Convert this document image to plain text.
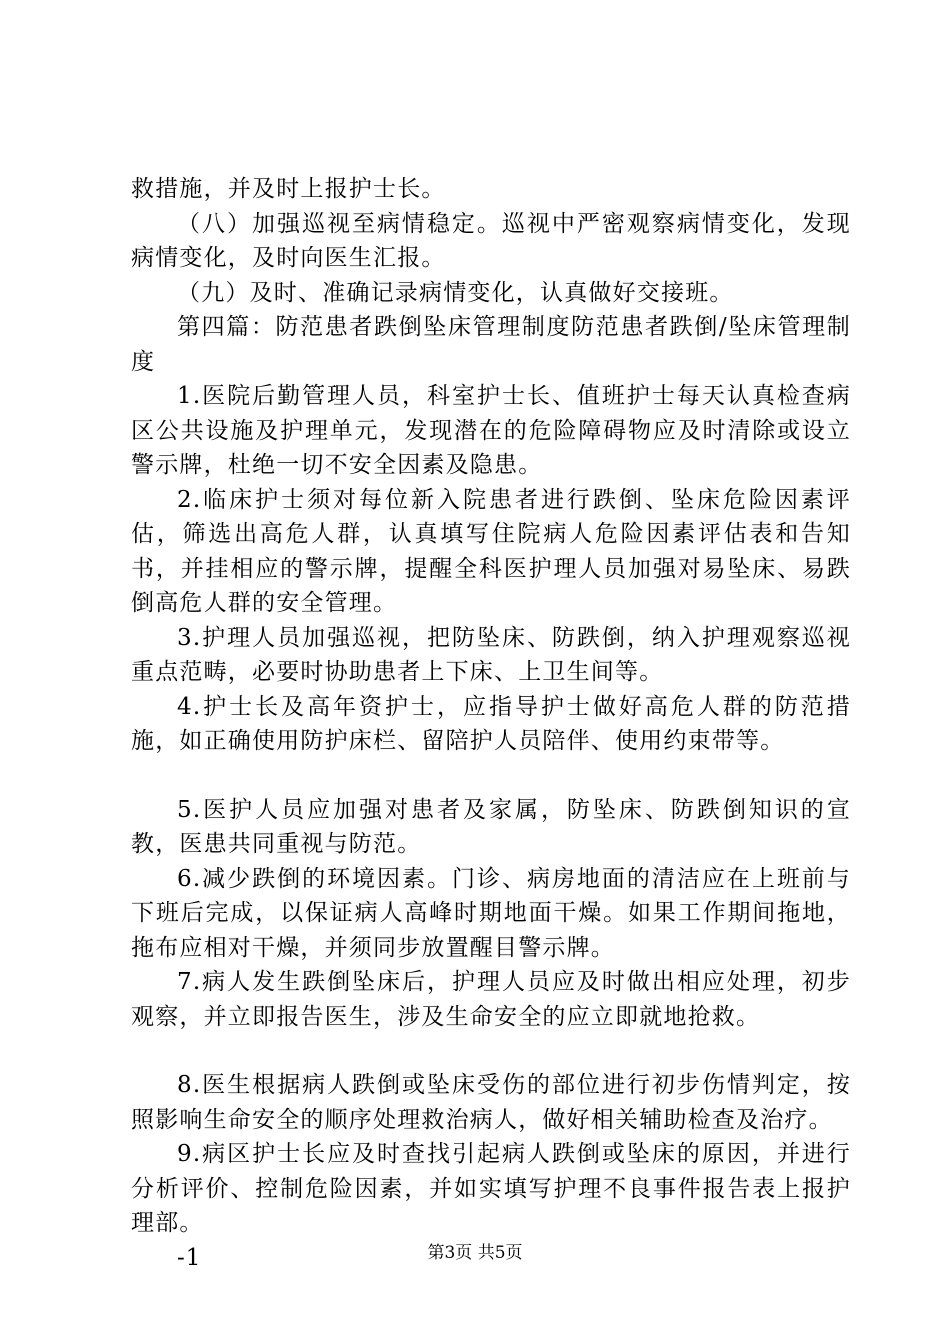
救措施，并及时上报护士长。

（八）加强巡视至病情稳定。巡视中严密观察病情变化，发现病情变化，及时向医生汇报。

（九）及时、准确记录病情变化，认真做好交接班。

第四篇：防范患者跌倒坠床管理制度防范患者跌倒/坠床管理制度

1.医院后勤管理人员，科室护士长、值班护士每天认真检查病区公共设施及护理单元，发现潜在的危险障碍物应及时清除或设立警示牌，杜绝一切不安全因素及隐患。

2.临床护士须对每位新入院患者进行跌倒、坠床危险因素评估，筛选出高危人群，认真填写住院病人危险因素评估表和告知书，并挂相应的警示牌，提醒全科医护理人员加强对易坠床、易跌倒高危人群的安全管理。

3.护理人员加强巡视，把防坠床、防跌倒，纳入护理观察巡视重点范畴，必要时协助患者上下床、上卫生间等。

4.护士长及高年资护士，应指导护士做好高危人群的防范措施，如正确使用防护床栏、留陪护人员陪伴、使用约束带等。

5.医护人员应加强对患者及家属，防坠床、防跌倒知识的宣教，医患共同重视与防范。

6.减少跌倒的环境因素。门诊、病房地面的清洁应在上班前与下班后完成，以保证病人高峰时期地面干燥。如果工作期间拖地，拖布应相对干燥，并须同步放置醒目警示牌。

7.病人发生跌倒坠床后，护理人员应及时做出相应处理，初步观察，并立即报告医生，涉及生命安全的应立即就地抢救。

8.医生根据病人跌倒或坠床受伤的部位进行初步伤情判定，按照影响生命安全的顺序处理救治病人，做好相关辅助检查及治疗。

9.病区护士长应及时查找引起病人跌倒或坠床的原因，并进行分析评价、控制危险因素，并如实填写护理不良事件报告表上报护理部。

-1	第3页 共5页
